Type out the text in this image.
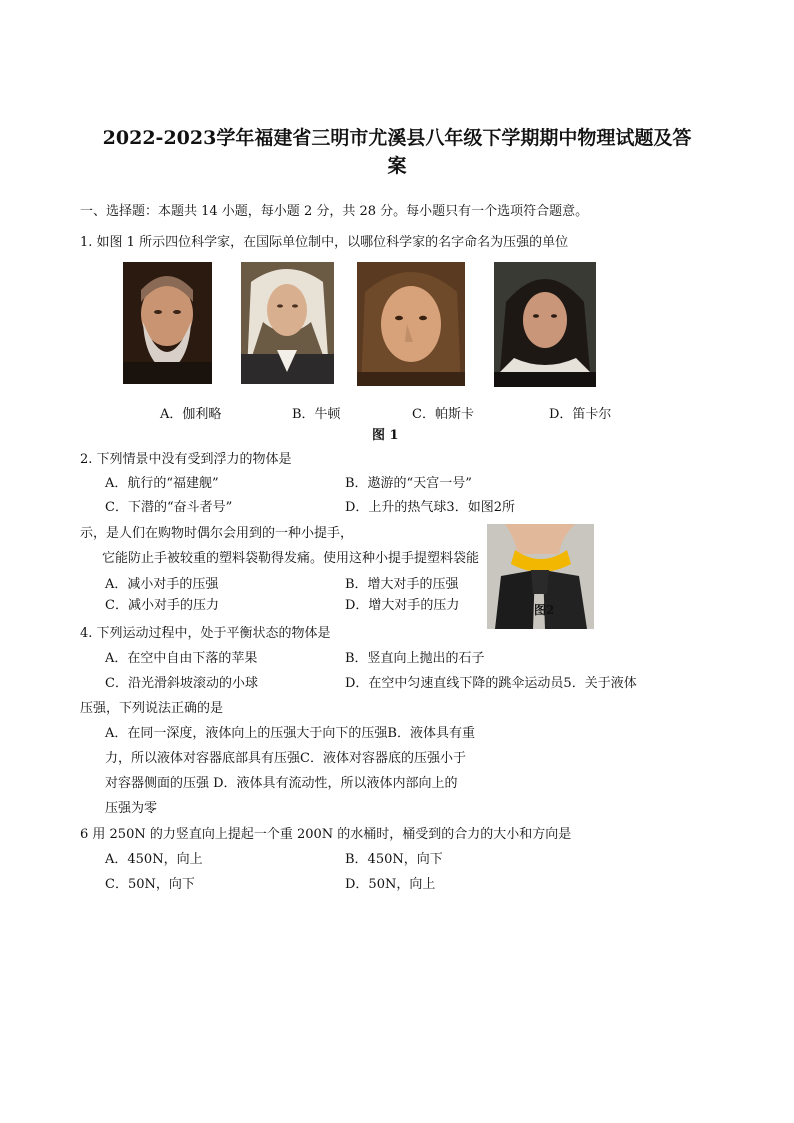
2022-2023学年福建省三明市尤溪县八年级下学期期中物理试题及答
案
一、选择题：本题共 14 小题，每小题 2 分，共 28 分。每小题只有一个选项符合题意。
1. 如图 1 所示四位科学家，在国际单位制中，以哪位科学家的名字命名为压强的单位
A．伽利略	B．牛顿	C．帕斯卡	D．笛卡尔
图 1
2. 下列情景中没有受到浮力的物体是
A．航行的“福建舰”	B．遨游的“天宫一号”
C．下潜的“奋斗者号”	D．上升的热气球3．如图2所
图2
示，是人们在购物时偶尔会用到的一种小提手，
它能防止手被较重的塑料袋勒得发痛。使用这种小提手提塑料袋能
A．减小对手的压强	B．增大对手的压强
C．减小对手的压力	D．增大对手的压力
4. 下列运动过程中，处于平衡状态的物体是
A．在空中自由下落的苹果	B．竖直向上抛出的石子
C．沿光滑斜坡滚动的小球	D．在空中匀速直线下降的跳伞运动员5．关于液体
压强，下列说法正确的是
A．在同一深度，液体向上的压强大于向下的压强B．液体具有重
力，所以液体对容器底部具有压强C．液体对容器底的压强小于
对容器侧面的压强 D．液体具有流动性，所以液体内部向上的
压强为零
6 用 250N 的力竖直向上提起一个重 200N 的水桶时，桶受到的合力的大小和方向是
A．450N，向上	B．450N，向下
C．50N，向下	D．50N，向上
